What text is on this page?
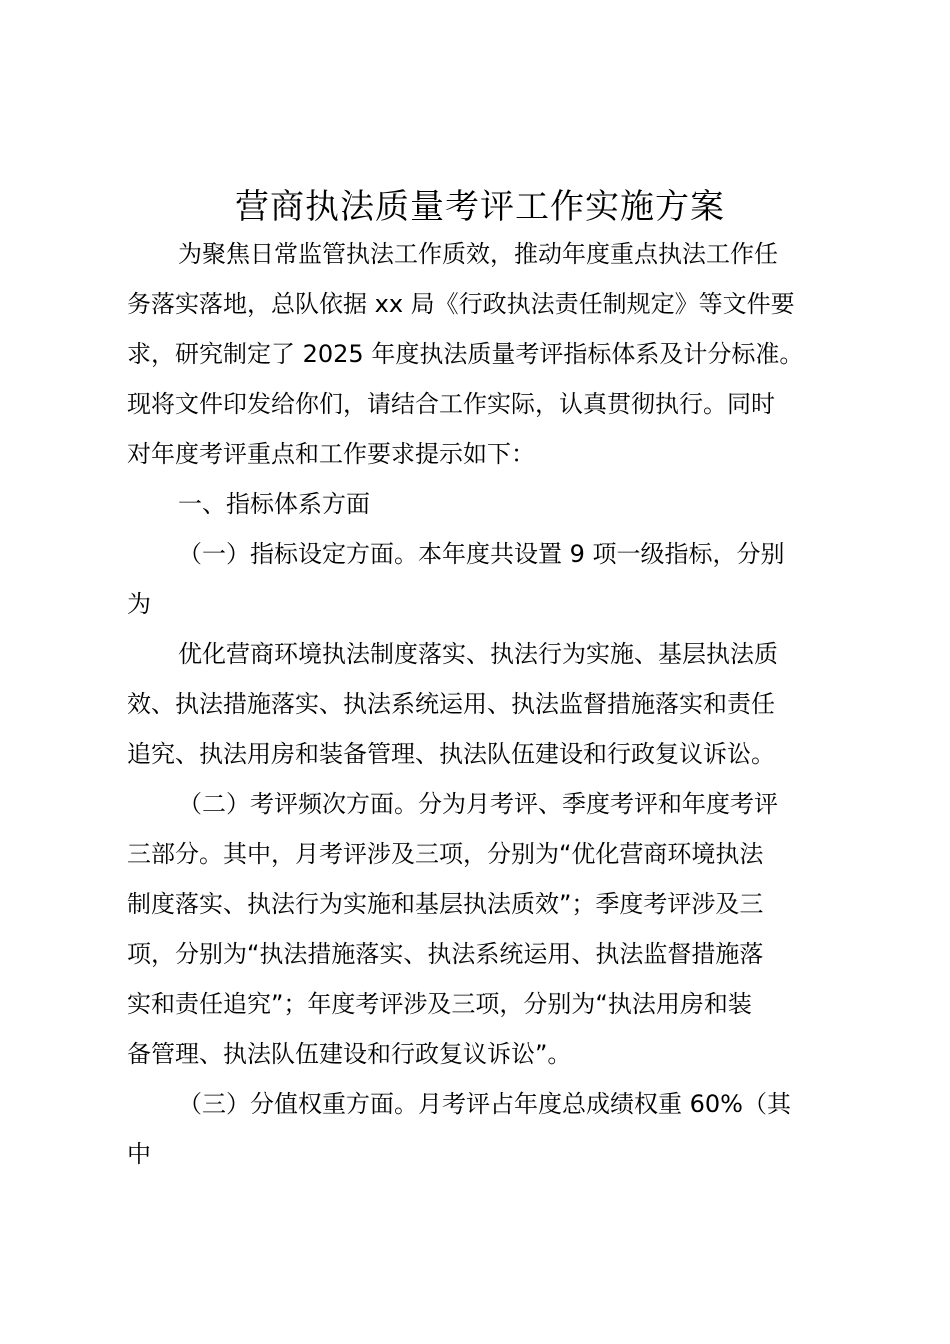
营商执法质量考评工作实施方案
为聚焦日常监管执法工作质效，推动年度重点执法工作任
务落实落地，总队依据 xx 局《行政执法责任制规定》等文件要
求，研究制定了 2025 年度执法质量考评指标体系及计分标准。
现将文件印发给你们，请结合工作实际，认真贯彻执行。同时
对年度考评重点和工作要求提示如下：
一、指标体系方面
（一）指标设定方面。本年度共设置 9 项一级指标，分别
为
优化营商环境执法制度落实、执法行为实施、基层执法质
效、执法措施落实、执法系统运用、执法监督措施落实和责任
追究、执法用房和装备管理、执法队伍建设和行政复议诉讼。
（二）考评频次方面。分为月考评、季度考评和年度考评
三部分。其中，月考评涉及三项，分别为“优化营商环境执法
制度落实、执法行为实施和基层执法质效”；季度考评涉及三
项，分别为“执法措施落实、执法系统运用、执法监督措施落
实和责任追究”；年度考评涉及三项，分别为“执法用房和装
备管理、执法队伍建设和行政复议诉讼”。
（三）分值权重方面。月考评占年度总成绩权重 60%（其
中
